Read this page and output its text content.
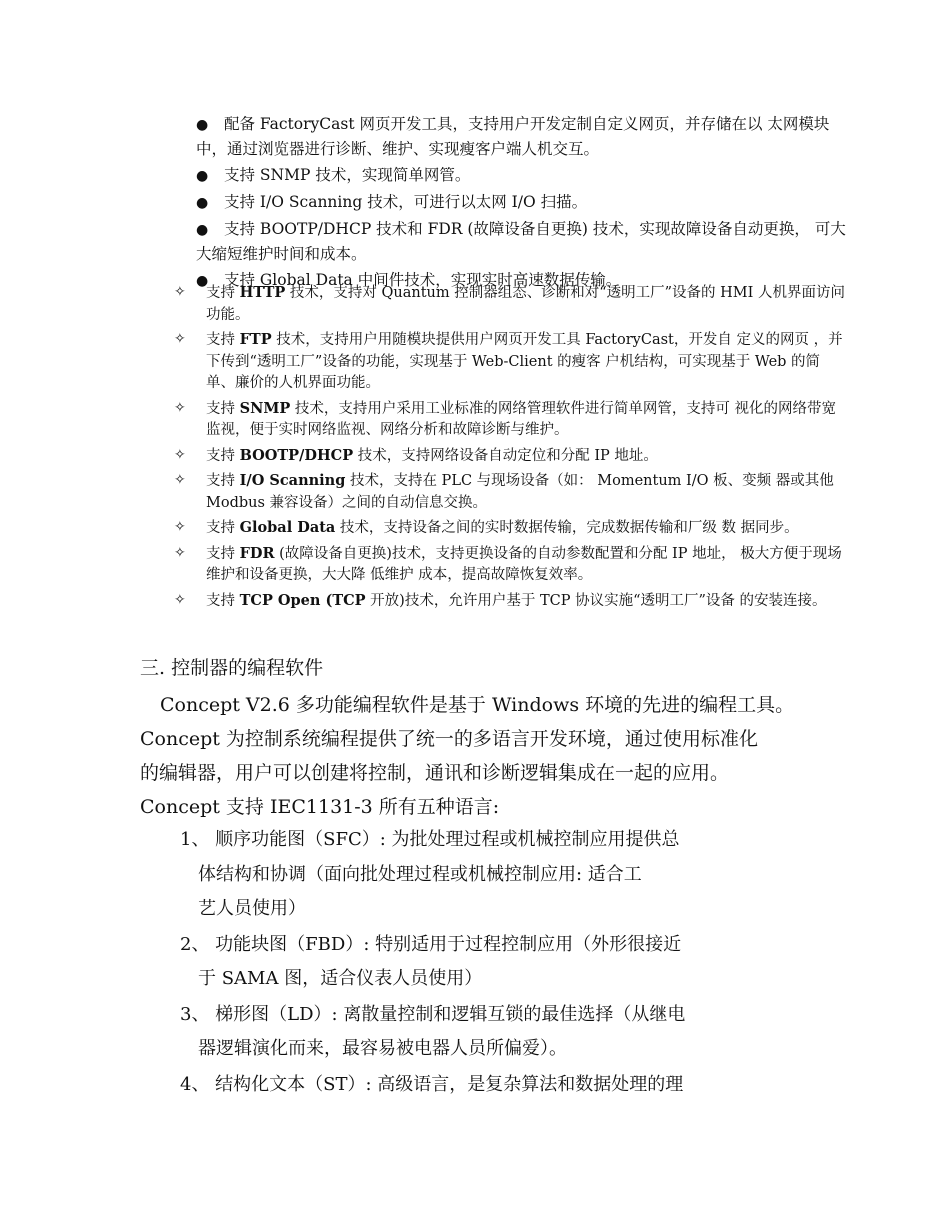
● 配备 FactoryCast 网页开发工具，支持用户开发定制自定义网页，并存储在以 太网模块中，通过浏览器进行诊断、维护、实现瘦客户端人机交互。
● 支持 SNMP 技术，实现简单网管。
● 支持 I/O Scanning 技术，可进行以太网 I/O 扫描。
● 支持 BOOTP/DHCP 技术和 FDR (故障设备自更换) 技术，实现故障设备自动更换， 可大大缩短维护时间和成本。
● 支持 Global Data 中间件技术，实现实时高速数据传输。
✧ 支持 HTTP 技术，支持对 Quantum 控制器组态、诊断和对“透明工厂”设备的 HMI 人机界面访问功能。
✧ 支持 FTP 技术，支持用户用随模块提供用户网页开发工具 FactoryCast，开发自 定义的网页 ，并下传到“透明工厂”设备的功能，实现基于 Web-Client 的瘦客 户机结构，可实现基于 Web 的简单、廉价的人机界面功能。
✧ 支持 SNMP 技术，支持用户采用工业标准的网络管理软件进行简单网管，支持可 视化的网络带宽监视，便于实时网络监视、网络分析和故障诊断与维护。
✧ 支持 BOOTP/DHCP 技术，支持网络设备自动定位和分配 IP 地址。
✧ 支持 I/O Scanning 技术，支持在 PLC 与现场设备（如： Momentum I/O 板、变频 器或其他 Modbus 兼容设备）之间的自动信息交换。
✧ 支持 Global Data 技术，支持设备之间的实时数据传输，完成数据传输和厂级 数 据同步。
✧ 支持 FDR (故障设备自更换)技术，支持更换设备的自动参数配置和分配 IP 地址， 极大方便于现场维护和设备更换，大大降 低维护 成本，提高故障恢复效率。
✧ 支持 TCP Open (TCP 开放)技术，允许用户基于 TCP 协议实施“透明工厂”设备 的安装连接。
三. 控制器的编程软件

Concept V2.6 多功能编程软件是基于 Windows 环境的先进的编程工具。

Concept 为控制系统编程提供了统一的多语言开发环境，通过使用标准化

的编辑器，用户可以创建将控制，通讯和诊断逻辑集成在一起的应用。

Concept 支持 IEC1131-3 所有五种语言:

1、 顺序功能图（SFC）: 为批处理过程或机械控制应用提供总
体结构和协调（面向批处理过程或机械控制应用: 适合工
艺人员使用）
2、 功能块图（FBD）: 特别适用于过程控制应用（外形很接近
于 SAMA 图，适合仪表人员使用）
3、 梯形图（LD）: 离散量控制和逻辑互锁的最佳选择（从继电
器逻辑演化而来，最容易被电器人员所偏爱）。
4、 结构化文本（ST）: 高级语言，是复杂算法和数据处理的理
